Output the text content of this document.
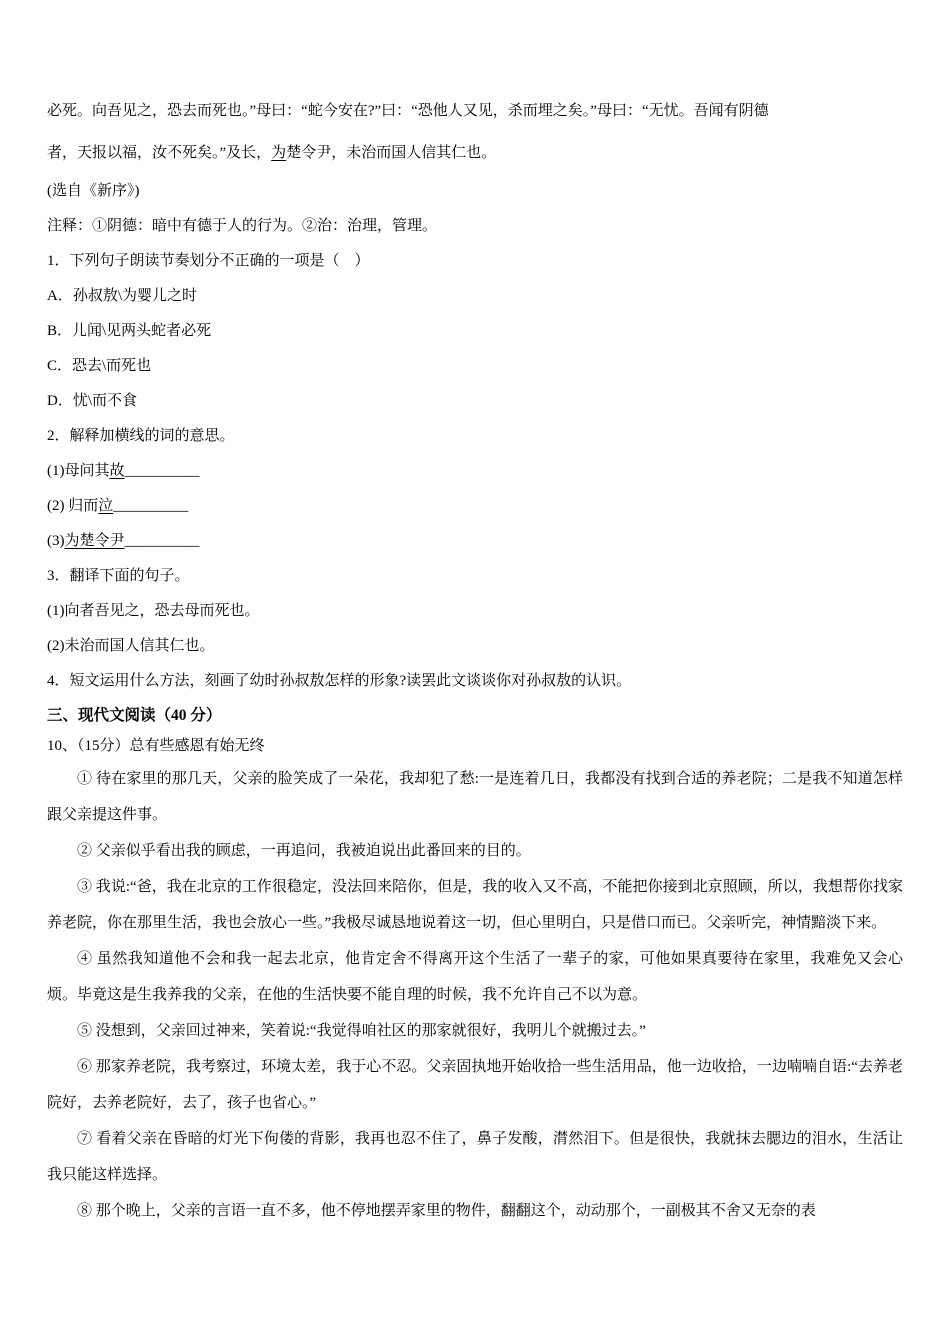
必死。向吾见之，恐去而死也。”母曰：“蛇今安在?”曰：“恐他人又见，杀而埋之矣。”母曰：“无忧。吾闻有阴德

者，天报以福，汝不死矣。”及长，为楚令尹，未治而国人信其仁也。

(选自《新序》)

注释：①阴德：暗中有德于人的行为。②治：治理，管理。

1．下列句子朗读节奏划分不正确的一项是（    ）

A．孙叔敖\为婴儿之时

B．儿闻\见两头蛇者必死

C．恐去\而死也

D．忧\而不食

2．解释加横线的词的意思。

(1)母问其故__________

(2) 归而泣__________

(3)为楚令尹__________

3．翻译下面的句子。

(1)向者吾见之，恐去母而死也。

(2)未治而国人信其仁也。

4．短文运用什么方法，刻画了幼时孙叔敖怎样的形象?读罢此文谈谈你对孙叔敖的认识。

三、现代文阅读（40 分）

10、（15分）总有些感恩有始无终

① 待在家里的那几天，父亲的脸笑成了一朵花，我却犯了愁:一是连着几日，我都没有找到合适的养老院；二是我不知道怎样跟父亲提这件事。

② 父亲似乎看出我的顾虑，一再追问，我被迫说出此番回来的目的。

③ 我说:“爸，我在北京的工作很稳定，没法回来陪你，但是，我的收入又不高，不能把你接到北京照顾，所以，我想帮你找家养老院，你在那里生活，我也会放心一些。”我极尽诚恳地说着这一切，但心里明白，只是借口而已。父亲听完，神情黯淡下来。

④ 虽然我知道他不会和我一起去北京，他肯定舍不得离开这个生活了一辈子的家，可他如果真要待在家里，我难免又会心烦。毕竟这是生我养我的父亲，在他的生活快要不能自理的时候，我不允许自己不以为意。

⑤ 没想到，父亲回过神来，笑着说:“我觉得咱社区的那家就很好，我明儿个就搬过去。”

⑥ 那家养老院，我考察过，环境太差，我于心不忍。父亲固执地开始收拾一些生活用品，他一边收拾，一边喃喃自语:“去养老院好，去养老院好，去了，孩子也省心。”

⑦ 看着父亲在昏暗的灯光下佝偻的背影，我再也忍不住了，鼻子发酸，潸然泪下。但是很快，我就抹去腮边的泪水，生活让我只能这样选择。

⑧ 那个晚上，父亲的言语一直不多，他不停地摆弄家里的物件，翻翻这个，动动那个，一副极其不舍又无奈的表
